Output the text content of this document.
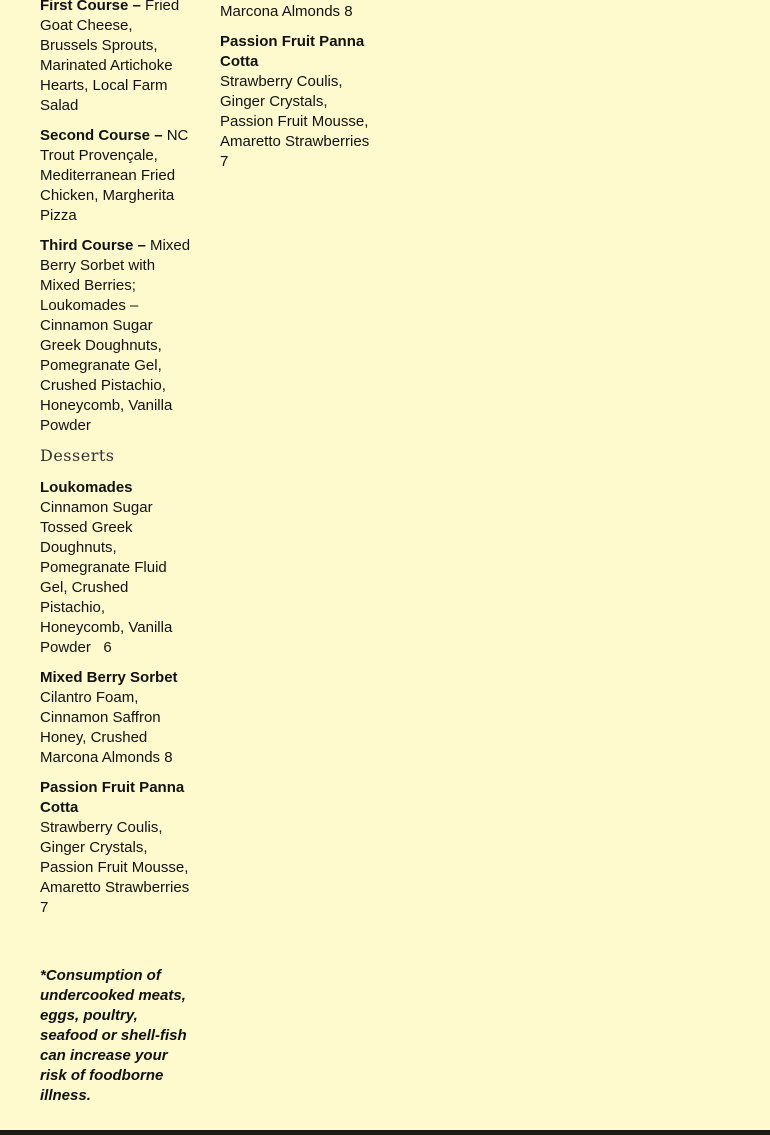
First Course – Fried Goat Cheese, Brussels Sprouts, Marinated Artichoke Hearts, Local Farm Salad

Second Course – NC Trout Provençale, Mediterranean Fried Chicken, Margherita Pizza

Third Course – Mixed Berry Sorbet with Mixed Berries; Loukomades – Cinnamon Sugar Greek Doughnuts, Pomegranate Gel, Crushed Pistachio, Honeycomb, Vanilla Powder

Desserts

Loukomades
Cinnamon Sugar Tossed Greek Doughnuts, Pomegranate Fluid Gel, Crushed Pistachio, Honeycomb, Vanilla Powder   6

Mixed Berry Sorbet
Cilantro Foam, Cinnamon Saffron Honey, Crushed Marcona Almonds 8

Passion Fruit Panna Cotta
Strawberry Coulis, Ginger Crystals, Passion Fruit Mousse, Amaretto Strawberries 7

*Consumption of undercooked meats, eggs, poultry, seafood or shell-fish can increase your risk of foodborne illness.

Marcona Almonds 8

Passion Fruit Panna Cotta
Strawberry Coulis, Ginger Crystals, Passion Fruit Mousse, Amaretto Strawberries 7
